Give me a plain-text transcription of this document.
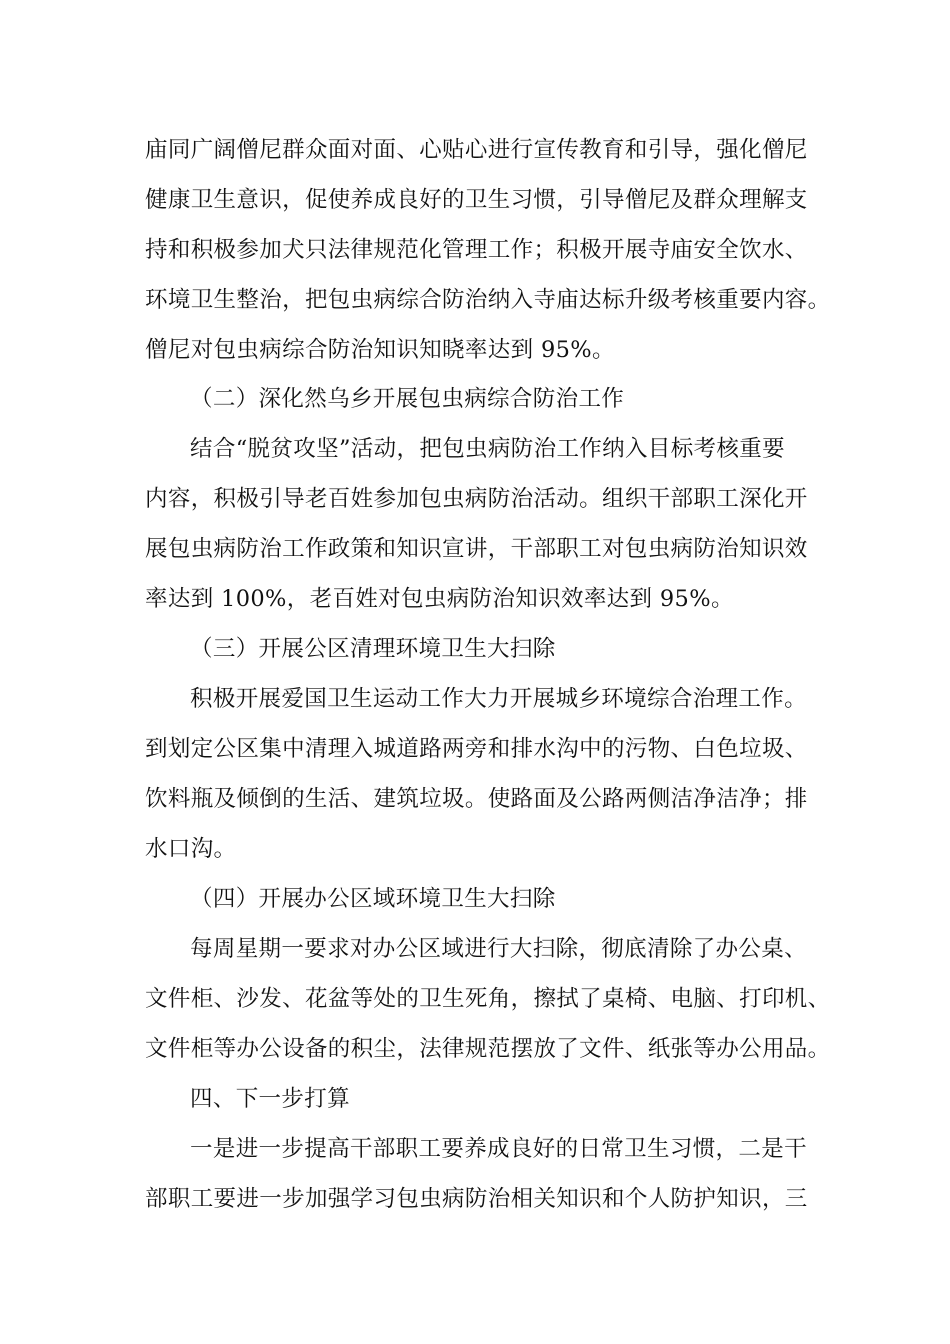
庙同广阔僧尼群众面对面、心贴心进行宣传教育和引导，强化僧尼
健康卫生意识，促使养成良好的卫生习惯，引导僧尼及群众理解支
持和积极参加犬只法律规范化管理工作；积极开展寺庙安全饮水、
环境卫生整治，把包虫病综合防治纳入寺庙达标升级考核重要内容。
僧尼对包虫病综合防治知识知晓率达到 95%。
（二）深化然乌乡开展包虫病综合防治工作
结合“脱贫攻坚”活动，把包虫病防治工作纳入目标考核重要
内容，积极引导老百姓参加包虫病防治活动。组织干部职工深化开
展包虫病防治工作政策和知识宣讲，干部职工对包虫病防治知识效
率达到 100%，老百姓对包虫病防治知识效率达到 95%。
（三）开展公区清理环境卫生大扫除
积极开展爱国卫生运动工作大力开展城乡环境综合治理工作。
到划定公区集中清理入城道路两旁和排水沟中的污物、白色垃圾、
饮料瓶及倾倒的生活、建筑垃圾。使路面及公路两侧洁净洁净；排
水口沟。
（四）开展办公区域环境卫生大扫除
每周星期一要求对办公区域进行大扫除，彻底清除了办公桌、
文件柜、沙发、花盆等处的卫生死角，擦拭了桌椅、电脑、打印机、
文件柜等办公设备的积尘，法律规范摆放了文件、纸张等办公用品。
四、下一步打算
一是进一步提高干部职工要养成良好的日常卫生习惯，二是干
部职工要进一步加强学习包虫病防治相关知识和个人防护知识，三
